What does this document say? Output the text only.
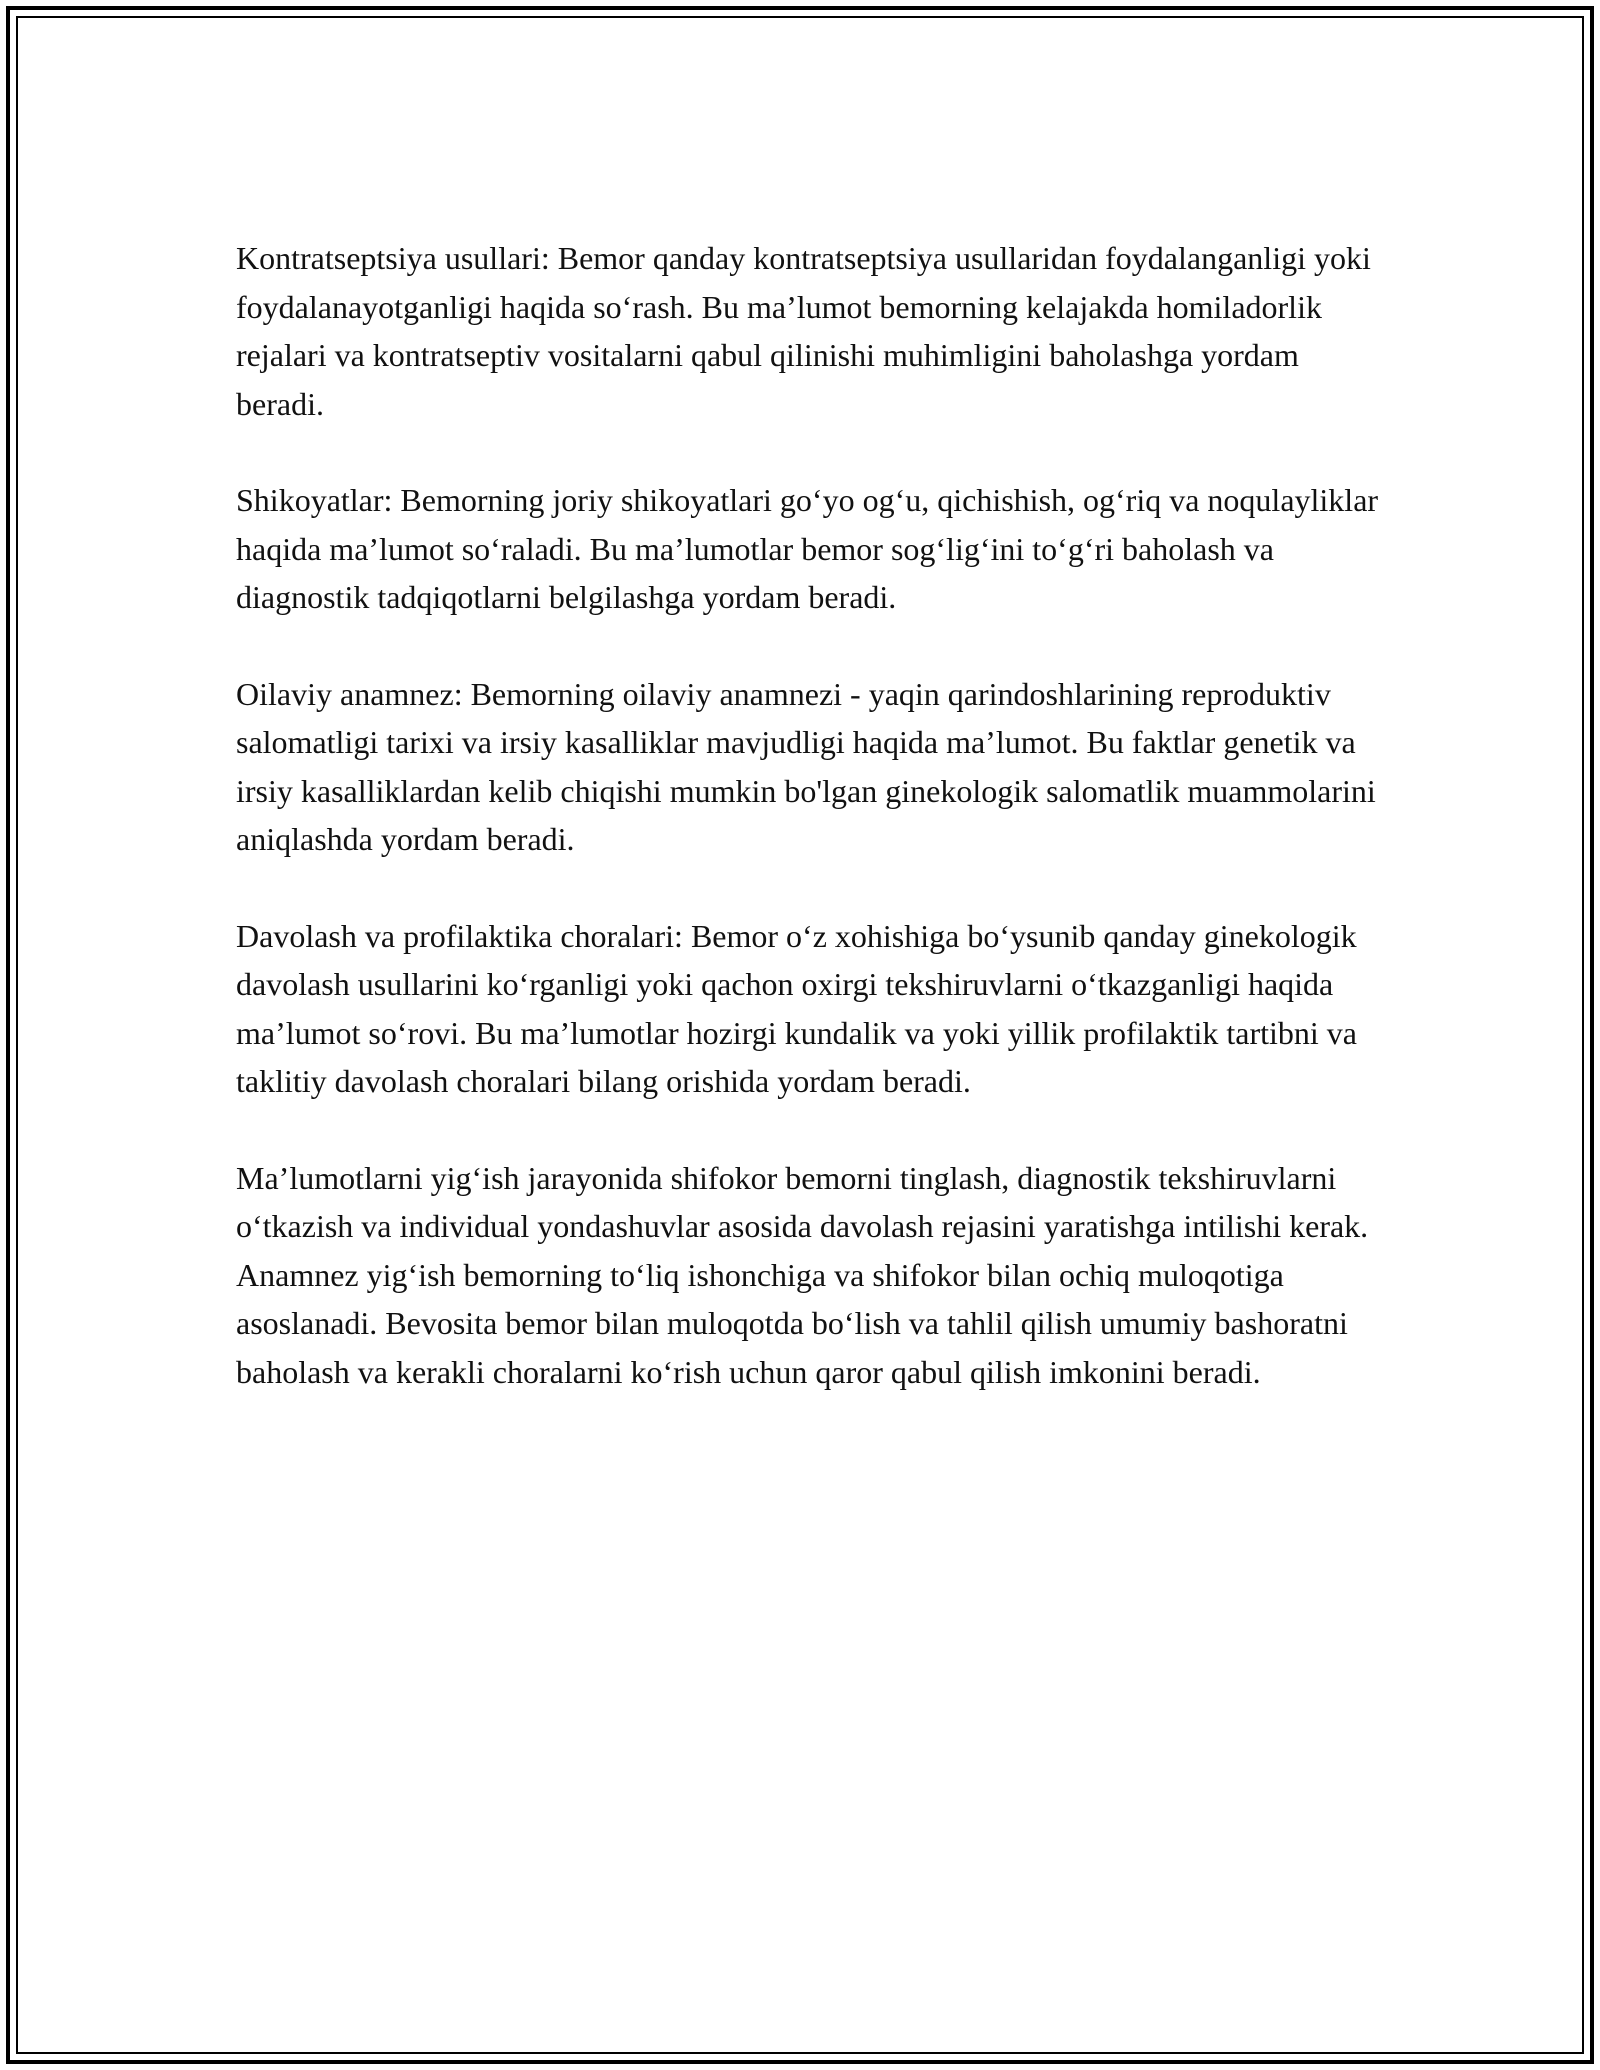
Kontratseptsiya usullari: Bemor qanday kontratseptsiya usullaridan foydalanganligi yoki foydalanayotganligi haqida so‘rash. Bu ma’lumot bemorning kelajakda homiladorlik rejalari va kontratseptiv vositalarni qabul qilinishi muhimligini baholashga yordam beradi.

Shikoyatlar: Bemorning joriy shikoyatlari go‘yo og‘u, qichishish, og‘riq va noqulayliklar haqida ma’lumot so‘raladi. Bu ma’lumotlar bemor sog‘lig‘ini to‘g‘ri baholash va diagnostik tadqiqotlarni belgilashga yordam beradi.

Oilaviy anamnez: Bemorning oilaviy anamnezi - yaqin qarindoshlarining reproduktiv salomatligi tarixi va irsiy kasalliklar mavjudligi haqida ma’lumot. Bu faktlar genetik va irsiy kasalliklardan kelib chiqishi mumkin bo'lgan ginekologik salomatlik muammolarini aniqlashda yordam beradi.

Davolash va profilaktika choralari: Bemor o‘z xohishiga bo‘ysunib qanday ginekologik davolash usullarini ko‘rganligi yoki qachon oxirgi tekshiruvlarni o‘tkazganligi haqida ma’lumot so‘rovi. Bu ma’lumotlar hozirgi kundalik va yoki yillik profilaktik tartibni va taklitiy davolash choralari bilang orishida yordam beradi.

Ma’lumotlarni yig‘ish jarayonida shifokor bemorni tinglash, diagnostik tekshiruvlarni o‘tkazish va individual yondashuvlar asosida davolash rejasini yaratishga intilishi kerak. Anamnez yig‘ish bemorning to‘liq ishonchiga va shifokor bilan ochiq muloqotiga asoslanadi. Bevosita bemor bilan muloqotda bo‘lish va tahlil qilish umumiy bashoratni baholash va kerakli choralarni ko‘rish uchun qaror qabul qilish imkonini beradi.
